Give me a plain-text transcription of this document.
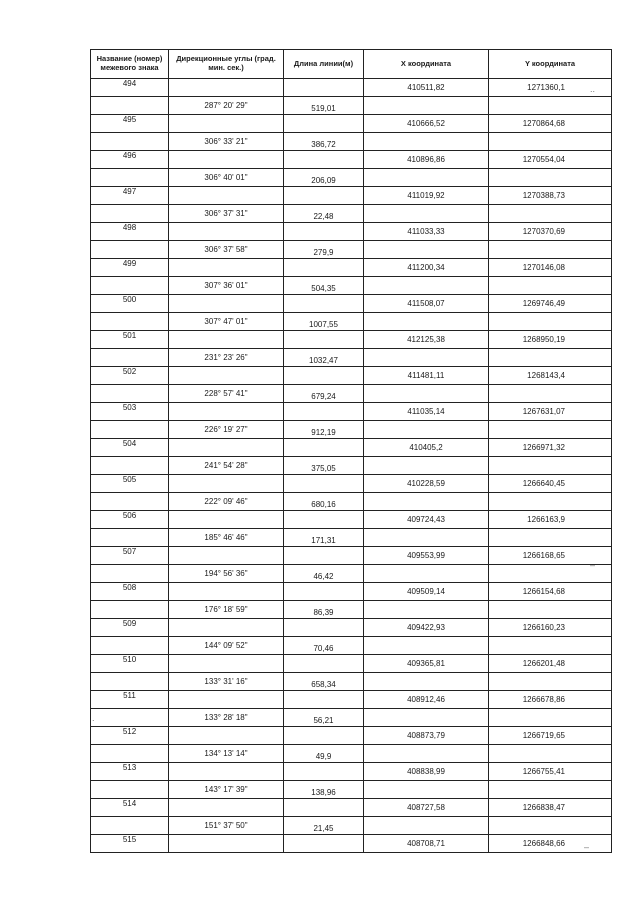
Название (номер) межевого знака	Дирекционные углы (град. мин. сек.)	Длина линии(м)	X координата	Y координата
494			410511,82	1271360,1
	287° 20' 29"	519,01		
495			410666,52	1270864,68
	306° 33' 21"	386,72		
496			410896,86	1270554,04
	306° 40' 01"	206,09		
497			411019,92	1270388,73
	306° 37' 31"	22,48		
498			411033,33	1270370,69
	306° 37' 58"	279,9		
499			411200,34	1270146,08
	307° 36' 01"	504,35		
500			411508,07	1269746,49
	307° 47' 01"	1007,55		
501			412125,38	1268950,19
	231° 23' 26"	1032,47		
502			411481,11	1268143,4
	228° 57' 41"	679,24		
503			411035,14	1267631,07
	226° 19' 27"	912,19		
504			410405,2	1266971,32
	241° 54' 28"	375,05		
505			410228,59	1266640,45
	222° 09' 46"	680,16		
506			409724,43	1266163,9
	185° 46' 46"	171,31		
507			409553,99	1266168,65
	194° 56' 36"	46,42		
508			409509,14	1266154,68
	176° 18' 59"	86,39		
509			409422,93	1266160,23
	144° 09' 52"	70,46		
510			409365,81	1266201,48
	133° 31' 16"	658,34		
511			408912,46	1266678,86
	133° 28' 18"	56,21		
512			408873,79	1266719,65
	134° 13' 14"	49,9		
513			408838,99	1266755,41
	143° 17' 39"	138,96		
514			408727,58	1266838,47
	151° 37' 50"	21,45		
515			408708,71	1266848,66
..
–
–
.
